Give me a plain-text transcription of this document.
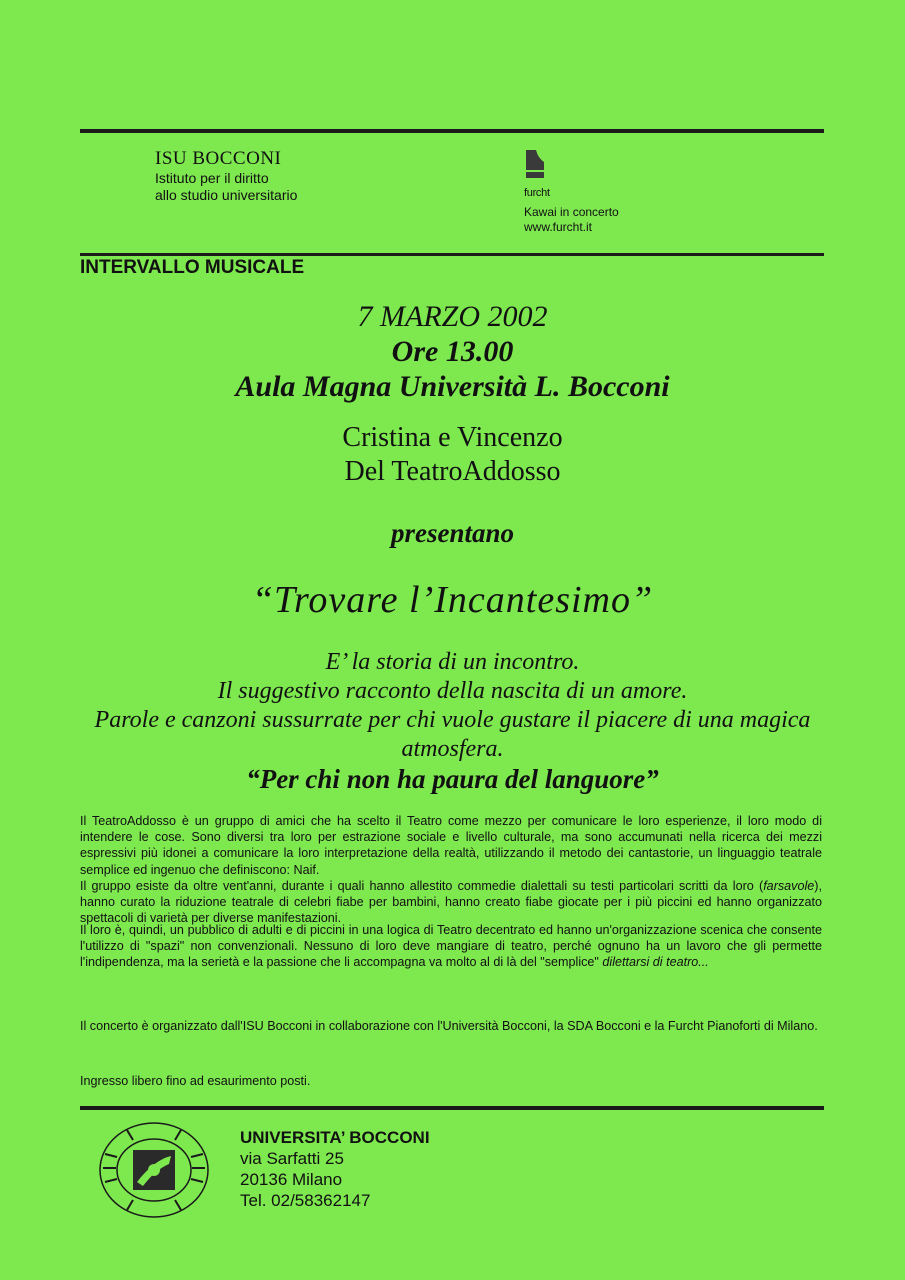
ISU BOCCONI

Istituto per il diritto

allo studio universitario	furcht
Kawai in concerto
www.furcht.it
INTERVALLO MUSICALE

7 MARZO 2002

Ore 13.00

Aula Magna Università L. Bocconi

Cristina e Vincenzo

Del TeatroAddosso

presentano

“Trovare l’Incantesimo”

E’ la storia di un incontro.

Il suggestivo racconto della nascita di un amore.

Parole e canzoni sussurrate per chi vuole gustare il piacere di una magica

atmosfera.

“Per chi non ha paura del languore”

Il TeatroAddosso è un gruppo di amici che ha scelto il Teatro come mezzo per comunicare le loro esperienze, il loro modo di intendere le cose. Sono diversi tra loro per estrazione sociale e livello culturale, ma sono accumunati nella ricerca dei mezzi espressivi più idonei a comunicare la loro interpretazione della realtà, utilizzando il metodo dei cantastorie, un linguaggio teatrale semplice ed ingenuo che definiscono: Naif.

Il gruppo esiste da oltre vent'anni, durante i quali hanno allestito commedie dialettali su testi particolari scritti da loro (farsavole), hanno curato la riduzione teatrale di celebri fiabe per bambini, hanno creato fiabe giocate per i più piccini ed hanno organizzato spettacoli di varietà per diverse manifestazioni.

Il loro è, quindi, un pubblico di adulti e di piccini in una logica di Teatro decentrato ed hanno un'organizzazione scenica che consente l'utilizzo di "spazi" non convenzionali. Nessuno di loro deve mangiare di teatro, perché ognuno ha un lavoro che gli permette l'indipendenza, ma la serietà e la passione che li accompagna va molto al di là del "semplice" dilettarsi di teatro...

Il concerto è organizzato dall'ISU Bocconi in collaborazione con l'Università Bocconi, la SDA Bocconi e la Furcht Pianoforti di Milano.

Ingresso libero fino ad esaurimento posti.

UNIVERSITA’ BOCCONI
via Sarfatti 25
20136 Milano
Tel. 02/58362147
